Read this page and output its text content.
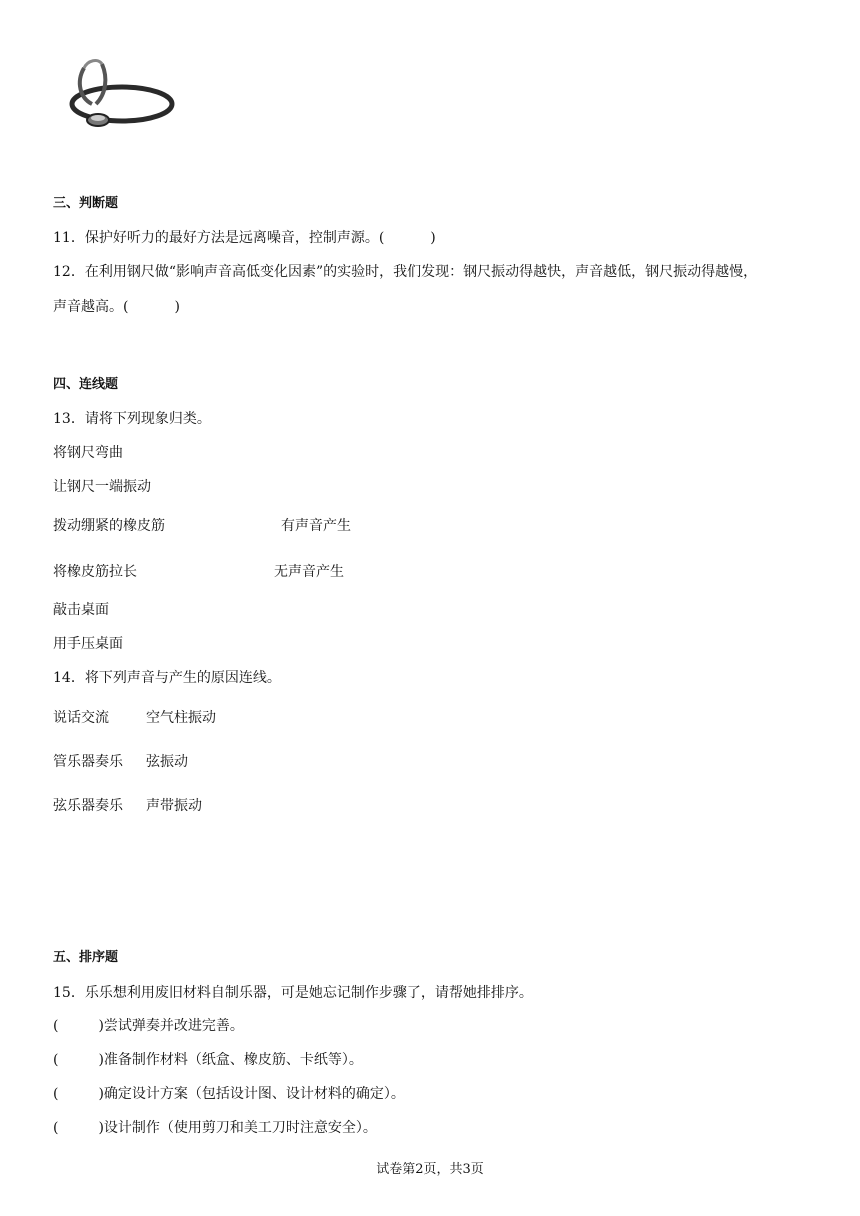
三、判断题
11．保护好听力的最好方法是远离噪音，控制声源。(	)
12．在利用钢尺做“影响声音高低变化因素”的实验时，我们发现：钢尺振动得越快，声音越低，钢尺振动得越慢，
声音越高。(	)
四、连线题
13．请将下列现象归类。
将钢尺弯曲
让钢尺一端振动
拨动绷紧的橡皮筋	有声音产生
将橡皮筋拉长	无声音产生
敲击桌面
用手压桌面
14．将下列声音与产生的原因连线。
说话交流	空气柱振动
管乐器奏乐 弦振动
弦乐器奏乐 声带振动
五、排序题
15．乐乐想利用废旧材料自制乐器，可是她忘记制作步骤了，请帮她排排序。
(	)尝试弹奏并改进完善。
(	)准备制作材料（纸盒、橡皮筋、卡纸等）。
(	)确定设计方案（包括设计图、设计材料的确定）。
(	)设计制作（使用剪刀和美工刀时注意安全）。
试卷第2页，共3页
